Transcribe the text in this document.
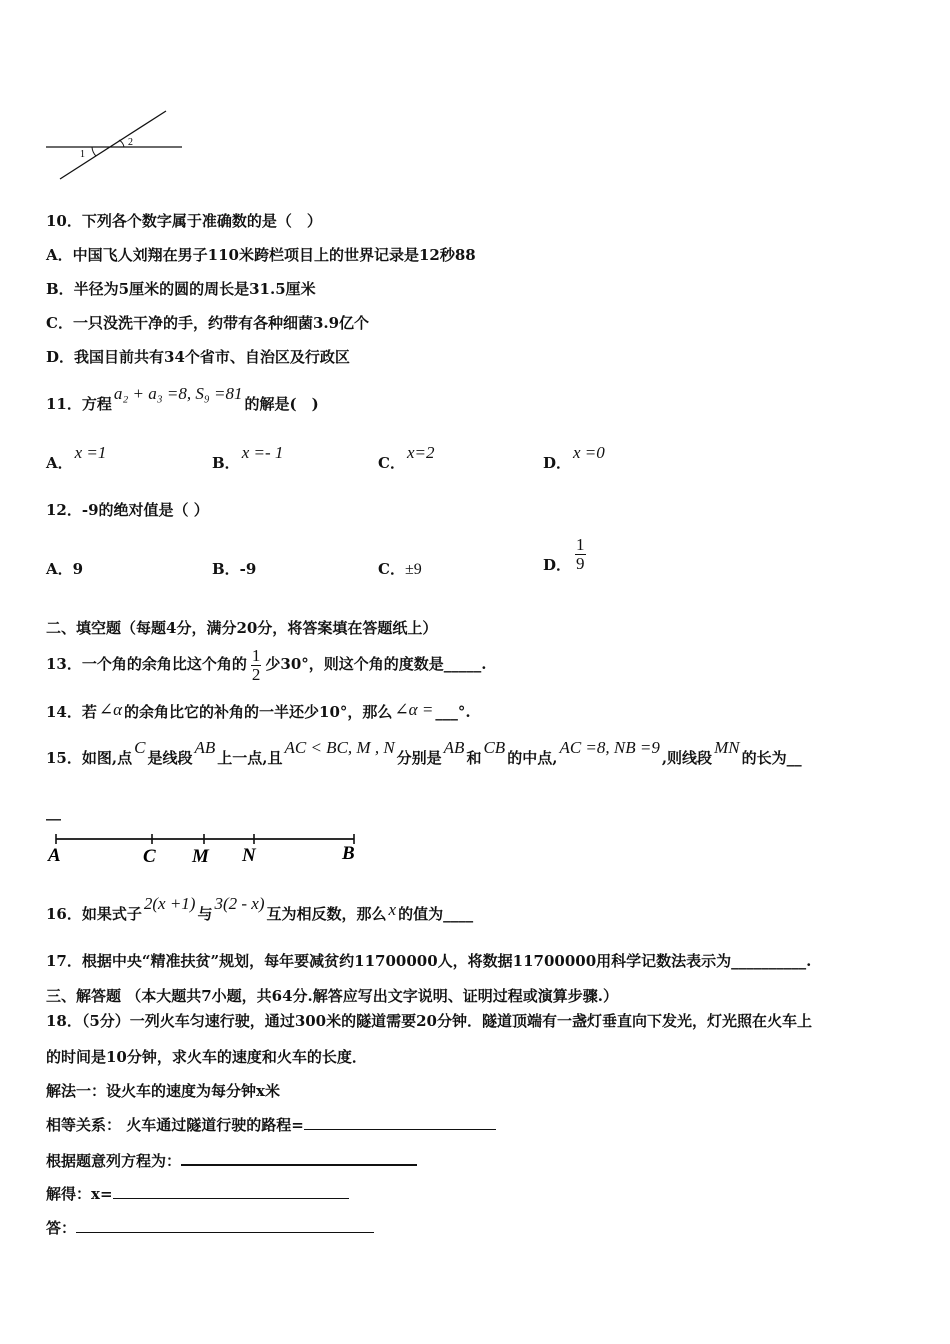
1
2
10．下列各个数字属于准确数的是（　）
A．中国飞人刘翔在男子110米跨栏项目上的世界记录是12秒88
B．半径为5厘米的圆的周长是31.5厘米
C．一只没洗干净的手，约带有各种细菌3.9亿个
D．我国目前共有34个省市、自治区及行政区
11．方程a₂ + a₃ =8, S₉ =81的解是(　)
A．x =1
B．x =- 1
C．x=2
D．x =0
12．-9的绝对值是（ ）
A．9	B．-9	C．±9	D． $\frac{1}{9}$
二、填空题（每题4分，满分20分，将答案填在答题纸上）
13．一个角的余角比这个角的 $\frac{1}{2}$ 少30°，则这个角的度数是_____.
14．若 ∠α 的余角比它的补角的一半还少10°，那么 ∠α = ___°.
15．如图,点C是线段AB上一点,且AC < BC, M , N分别是AB和CB的中点,AC =8, NB =9,则线段MN的长为__
__
A	C M N	B
16．如果式子2(x +1)与3(2 - x)互为相反数，那么 x 的值为____
17．根据中央“精准扶贫”规划，每年要减贫约11700000人，将数据11700000用科学记数法表示为__________.
三、解答题 （本大题共7小题，共64分.解答应写出文字说明、证明过程或演算步骤.）
18．（5分）一列火车匀速行驶，通过300米的隧道需要20分钟．隧道顶端有一盏灯垂直向下发光，灯光照在火车上
的时间是10分钟，求火车的速度和火车的长度．
解法一：设火车的速度为每分钟x米
相等关系： 火车通过隧道行驶的路程=
根据题意列方程为：
解得：x=
答：
